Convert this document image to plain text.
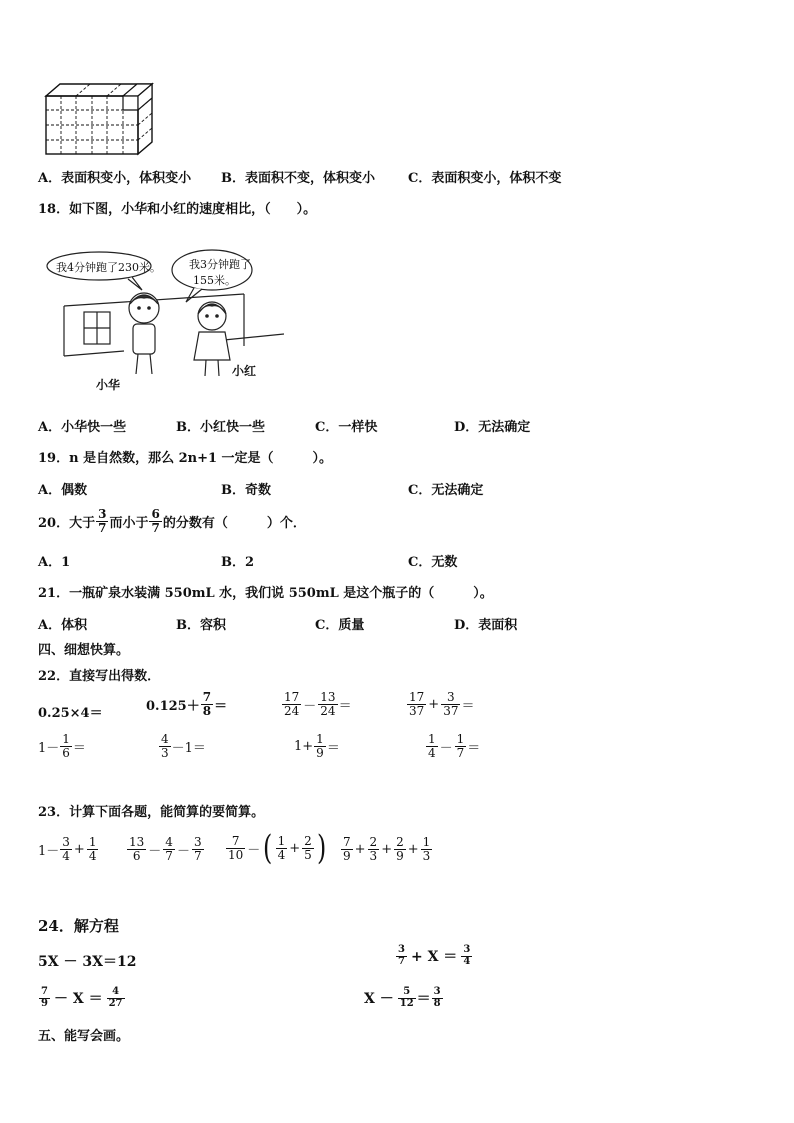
A．表面积变小，体积变小 B．表面积不变，体积变小	C．表面积变小，体积不变
18．如下图，小华和小红的速度相比，（　　）。
我4分钟跑了230米。	我3分钟跑了
155米。
小华
小红
A．小华快一些	B．小红快一些	C．一样快	D．无法确定
19．n 是自然数，那么 2n+1 一定是（　　　）。
A．偶数	B．奇数	C．无法确定
20．大于 $\frac{3}{7}$ 而小于 $\frac{6}{7}$ 的分数有（　　　）个．
A．1	B．2	C．无数
21．一瓶矿泉水装满 550mL 水，我们说 550mL 是这个瓶子的（　　　）。
A．体积	B．容积	C．质量	D．表面积
四、细想快算。
22．直接写出得数．
0.25×4＝	$0.125+ \frac{7}{8}$ ＝	$\frac{17}{24} - \frac{13}{24}$ ＝	$\frac{17}{37} + \frac{3}{37}$ ＝
$1- \frac{1}{6}$ ＝	$\frac{4}{3} -1=$	$1+ \frac{1}{9}$ ＝	$\frac{1}{4} - \frac{1}{7}$ ＝
23．计算下面各题，能简算的要简算。
$1- \frac{3}{4} + \frac{1}{4} \frac{13}{6} - \frac{4}{7} - \frac{3}{7} \frac{7}{10}$ － ( $\frac{1}{4} + \frac{2}{5}$ ) $\frac{7}{9} + \frac{2}{3} + \frac{2}{9} + \frac{1}{3}$
24．解方程
5X － 3X＝12	$\frac{3}{7} + X = \frac{3}{4}$
$\frac{7}{9} - X = \frac{4}{27}$	$X - \frac{5}{12} = \frac{3}{8}$
五、能写会画。
